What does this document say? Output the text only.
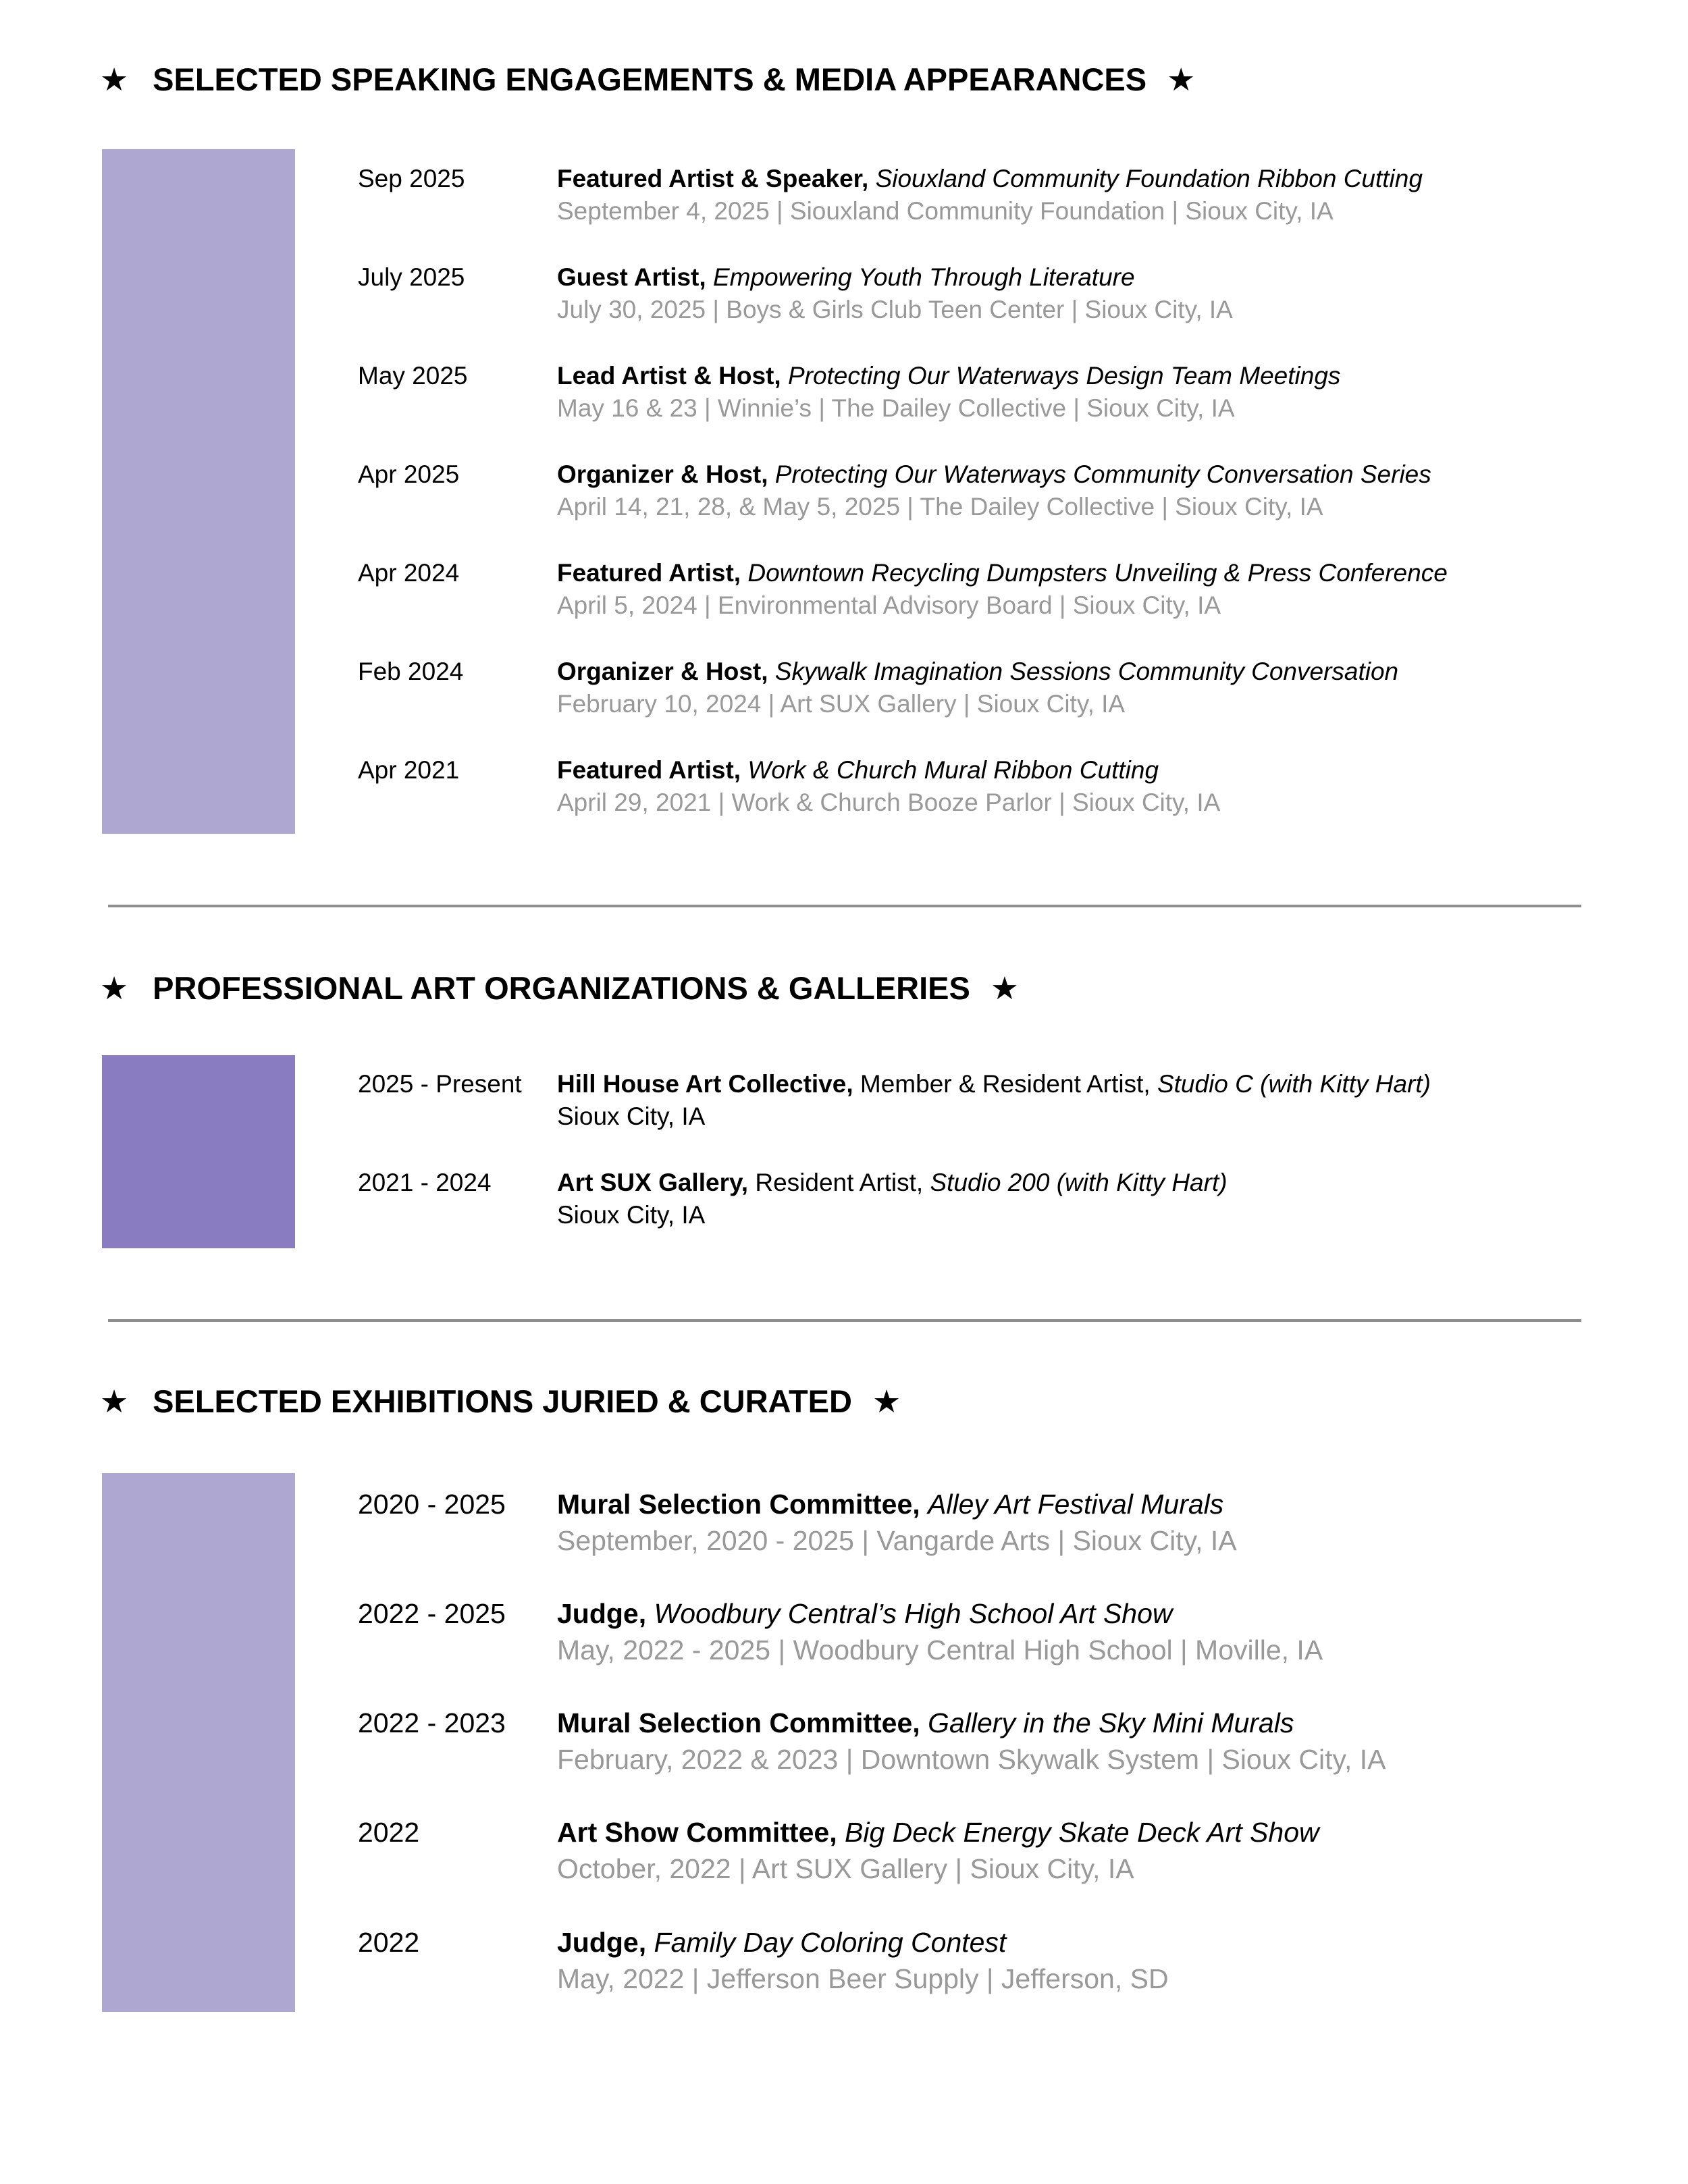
★ SELECTED SPEAKING ENGAGEMENTS & MEDIA APPEARANCES ★
Sep 2025	Featured Artist & Speaker, Siouxland Community Foundation Ribbon Cutting
September 4, 2025 | Siouxland Community Foundation | Sioux City, IA
July 2025	Guest Artist, Empowering Youth Through Literature
July 30, 2025 | Boys & Girls Club Teen Center | Sioux City, IA
May 2025	Lead Artist & Host, Protecting Our Waterways Design Team Meetings
May 16 & 23 | Winnie’s | The Dailey Collective | Sioux City, IA
Apr 2025	Organizer & Host, Protecting Our Waterways Community Conversation Series
April 14, 21, 28, & May 5, 2025 | The Dailey Collective | Sioux City, IA
Apr 2024	Featured Artist, Downtown Recycling Dumpsters Unveiling & Press Conference
April 5, 2024 | Environmental Advisory Board | Sioux City, IA
Feb 2024	Organizer & Host, Skywalk Imagination Sessions Community Conversation
February 10, 2024 | Art SUX Gallery | Sioux City, IA
Apr 2021	Featured Artist, Work & Church Mural Ribbon Cutting
April 29, 2021 | Work & Church Booze Parlor | Sioux City, IA
★ PROFESSIONAL ART ORGANIZATIONS & GALLERIES ★
2025 - Present Hill House Art Collective, Member & Resident Artist, Studio C (with Kitty Hart)
Sioux City, IA
2021 - 2024	Art SUX Gallery, Resident Artist, Studio 200 (with Kitty Hart)
Sioux City, IA
★ SELECTED EXHIBITIONS JURIED & CURATED ★
2020 - 2025 Mural Selection Committee, Alley Art Festival Murals
September, 2020 - 2025 | Vangarde Arts | Sioux City, IA
2022 - 2025 Judge, Woodbury Central’s High School Art Show
May, 2022 - 2025 | Woodbury Central High School | Moville, IA
2022 - 2023 Mural Selection Committee, Gallery in the Sky Mini Murals
February, 2022 & 2023 | Downtown Skywalk System | Sioux City, IA
2022	Art Show Committee, Big Deck Energy Skate Deck Art Show
October, 2022 | Art SUX Gallery | Sioux City, IA
2022	Judge, Family Day Coloring Contest
May, 2022 | Jefferson Beer Supply | Jefferson, SD
